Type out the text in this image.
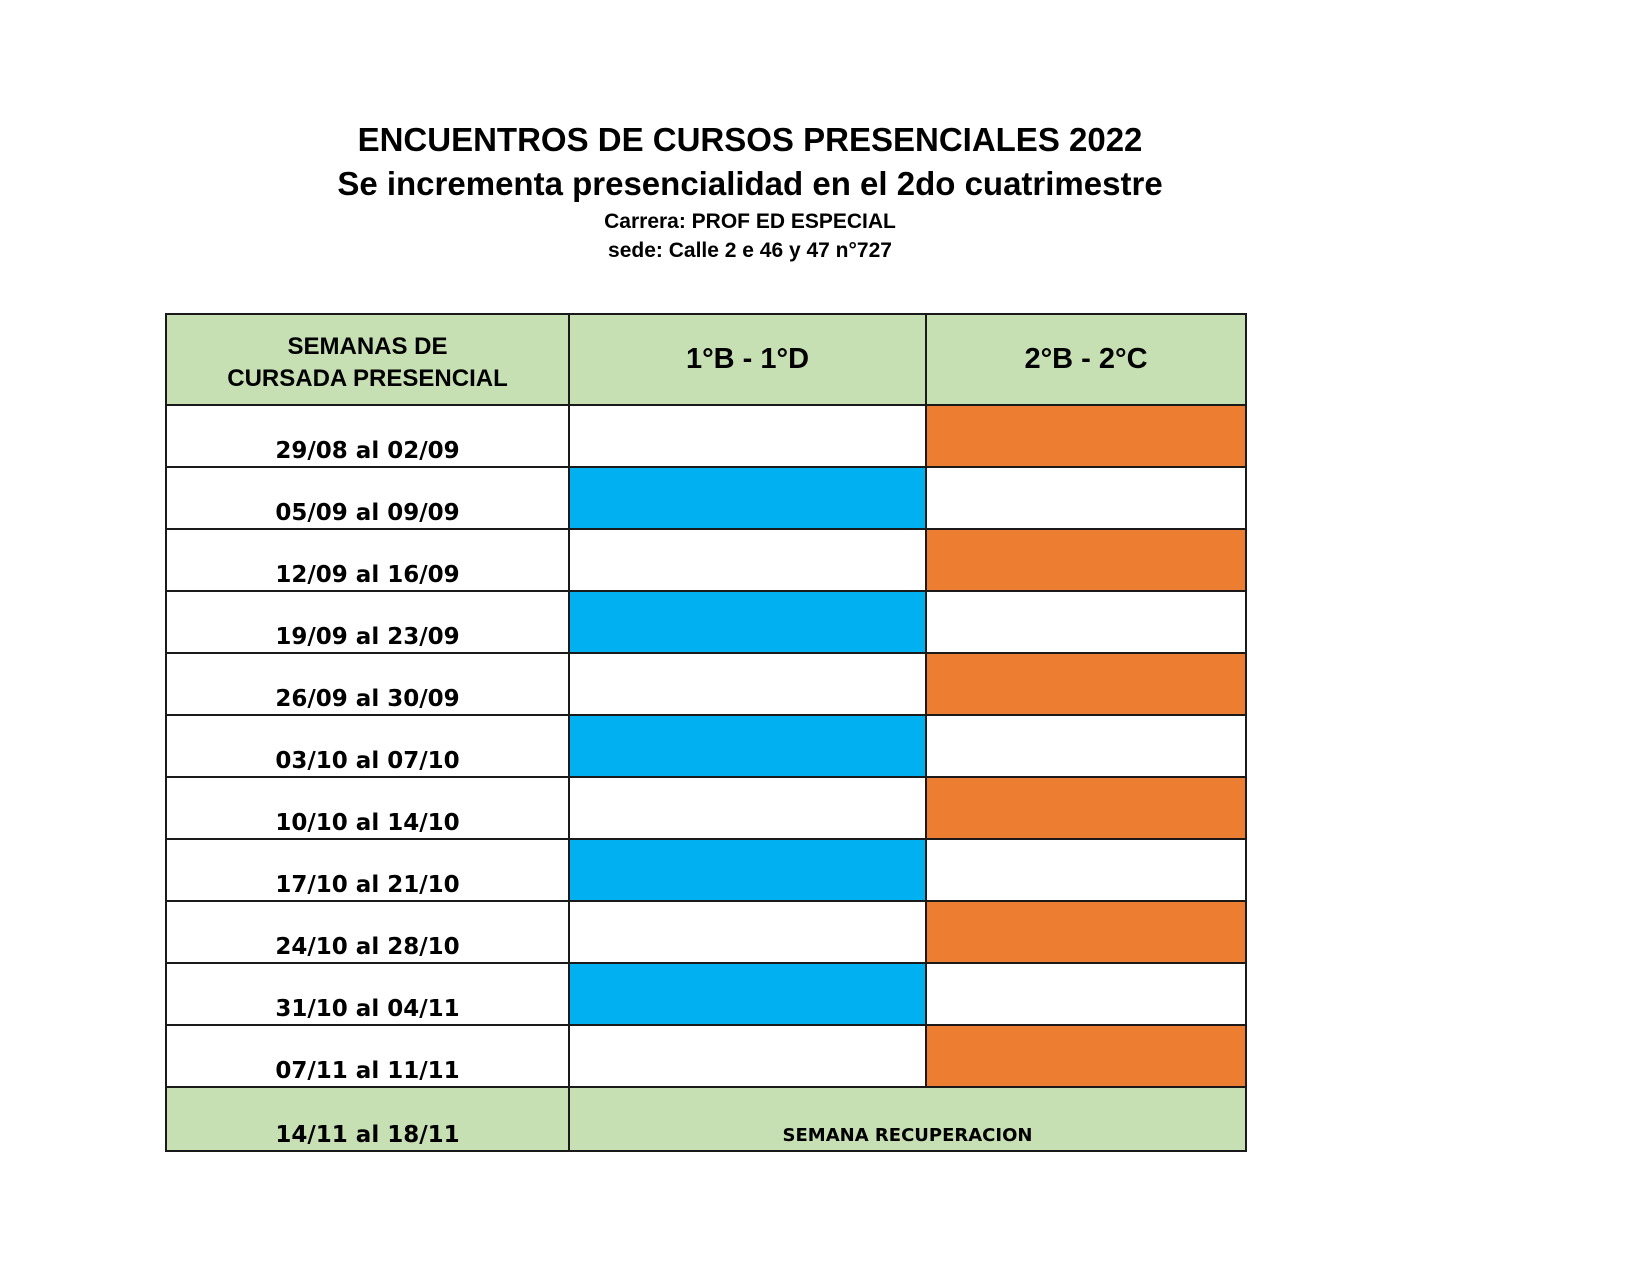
ENCUENTROS DE CURSOS PRESENCIALES 2022
Se incrementa presencialidad en el 2do cuatrimestre
Carrera: PROF ED ESPECIAL
sede: Calle 2 e 46 y 47 n°727
SEMANAS DE
CURSADA PRESENCIAL	1°B - 1°D	2°B - 2°C
29/08 al 02/09		
05/09 al 09/09		
12/09 al 16/09		
19/09 al 23/09		
26/09 al 30/09		
03/10 al 07/10		
10/10 al 14/10		
17/10 al 21/10		
24/10 al 28/10		
31/10 al 04/11		
07/11 al 11/11		
14/11 al 18/11	SEMANA RECUPERACION	
